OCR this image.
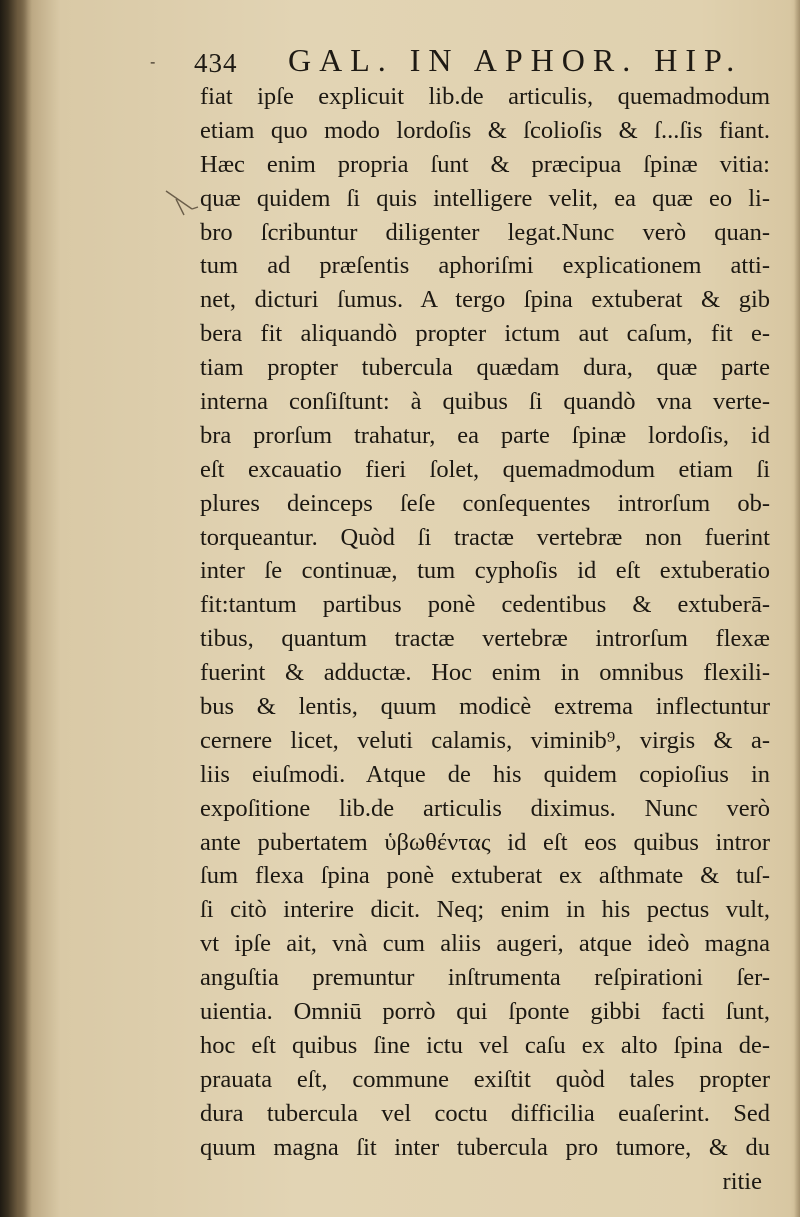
434 GAL. IN APHOR. HIP.
-
fiat ipſe explicuit lib.de articulis, quemadmodum
etiam quo modo lordoſis & ſcolioſis & ſ...ſis fiant.
Hæc enim propria ſunt & præcipua ſpinæ vitia:
quæ quidem ſi quis intelligere velit, ea quæ eo li-
bro ſcribuntur diligenter legat.Nunc verò quan-
tum ad præſentis aphoriſmi explicationem atti-
net, dicturi ſumus. A tergo ſpina extuberat & gib
bera fit aliquandò propter ictum aut caſum, fit e-
tiam propter tubercula quædam dura, quæ parte
interna conſiſtunt: à quibus ſi quandò vna verte-
bra prorſum trahatur, ea parte ſpinæ lordoſis, id
eſt excauatio fieri ſolet, quemadmodum etiam ſi
plures deinceps ſeſe conſequentes introrſum ob-
torqueantur. Quòd ſi tractæ vertebræ non fuerint
inter ſe continuæ, tum cyphoſis id eſt extuberatio
fit:tantum partibus ponè cedentibus & extuberā-
tibus, quantum tractæ vertebræ introrſum flexæ
fuerint & adductæ. Hoc enim in omnibus flexili-
bus & lentis, quum modicè extrema inflectuntur
cernere licet, veluti calamis, viminib⁹, virgis & a-
liis eiuſmodi. Atque de his quidem copioſius in
expoſitione lib.de articulis diximus. Nunc verò
ante pubertatem ὑβωθέντας id eſt eos quibus intror
ſum flexa ſpina ponè extuberat ex aſthmate & tuſ-
ſi citò interire dicit. Neq; enim in his pectus vult,
vt ipſe ait, vnà cum aliis augeri, atque ideò magna
anguſtia premuntur inſtrumenta reſpirationi ſer-
uientia. Omniū porrò qui ſponte gibbi facti ſunt,
hoc eſt quibus ſine ictu vel caſu ex alto ſpina de-
prauata eſt, commune exiſtit quòd tales propter
dura tubercula vel coctu difficilia euaſerint. Sed
quum magna ſit inter tubercula pro tumore, & du
ritie
